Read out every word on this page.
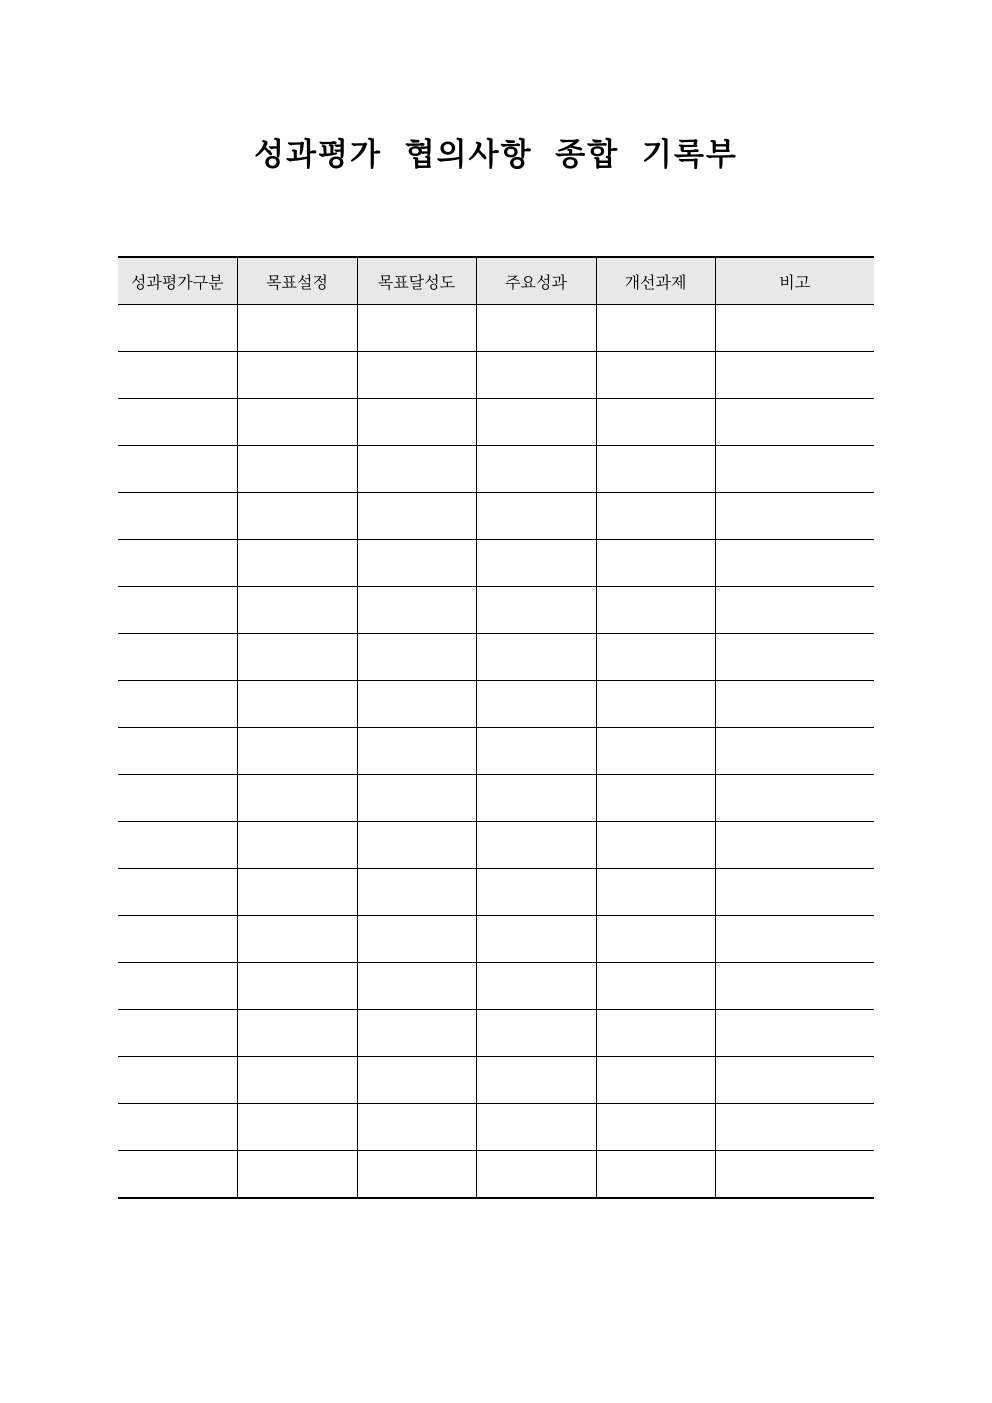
성과평가 협의사항 종합 기록부
성과평가구분	목표설정	목표달성도	주요성과	개선과제	비고
